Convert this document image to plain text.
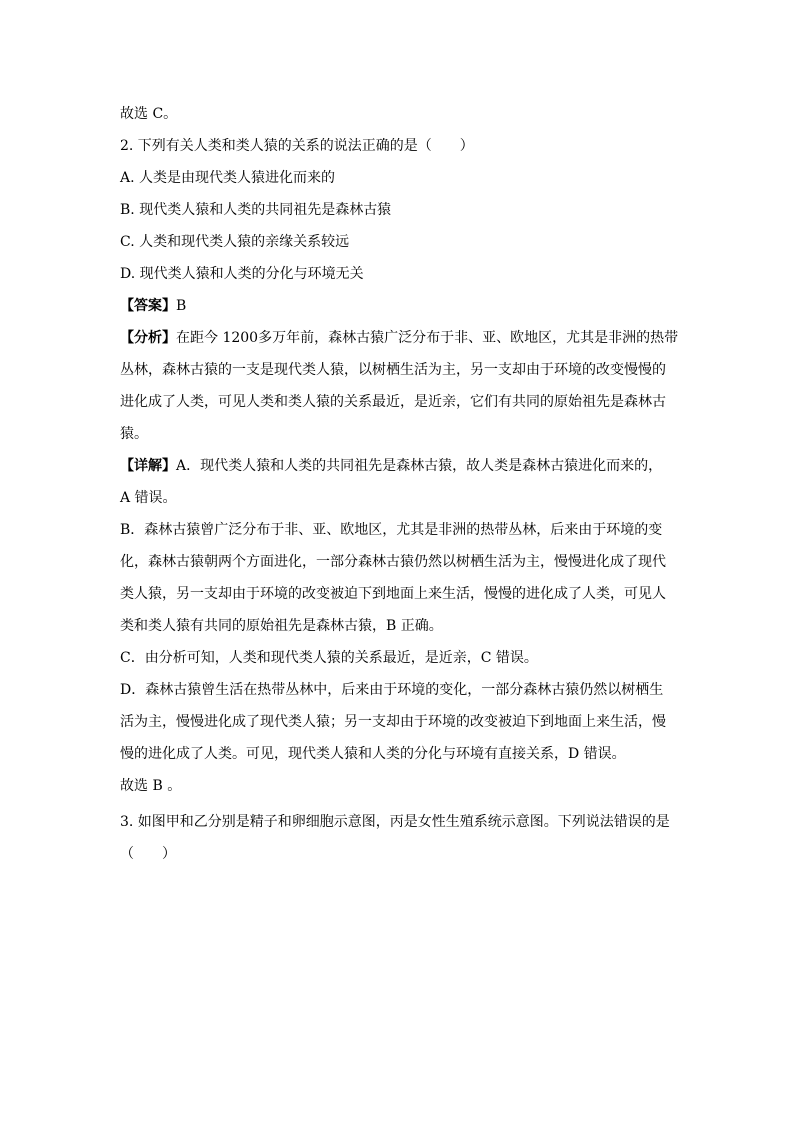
故选 C。
2. 下列有关人类和类人猿的关系的说法正确的是（　　）
A. 人类是由现代类人猿进化而来的
B. 现代类人猿和人类的共同祖先是森林古猿
C. 人类和现代类人猿的亲缘关系较远
D. 现代类人猿和人类的分化与环境无关
【答案】B
【分析】在距今 1200多万年前，森林古猿广泛分布于非、亚、欧地区，尤其是非洲的热带
丛林，森林古猿的一支是现代类人猿，以树栖生活为主，另一支却由于环境的改变慢慢的
进化成了人类，可见人类和类人猿的关系最近，是近亲，它们有共同的原始祖先是森林古
猿。
【详解】A．现代类人猿和人类的共同祖先是森林古猿，故人类是森林古猿进化而来的，
A 错误。
B．森林古猿曾广泛分布于非、亚、欧地区，尤其是非洲的热带丛林，后来由于环境的变
化，森林古猿朝两个方面进化，一部分森林古猿仍然以树栖生活为主，慢慢进化成了现代
类人猿，另一支却由于环境的改变被迫下到地面上来生活，慢慢的进化成了人类，可见人
类和类人猿有共同的原始祖先是森林古猿，B 正确。
C．由分析可知，人类和现代类人猿的关系最近，是近亲，C 错误。
D．森林古猿曾生活在热带丛林中，后来由于环境的变化，一部分森林古猿仍然以树栖生
活为主，慢慢进化成了现代类人猿；另一支却由于环境的改变被迫下到地面上来生活，慢
慢的进化成了人类。可见，现代类人猿和人类的分化与环境有直接关系，D 错误。
故选 B 。
3. 如图甲和乙分别是精子和卵细胞示意图，丙是女性生殖系统示意图。下列说法错误的是
（　　）
